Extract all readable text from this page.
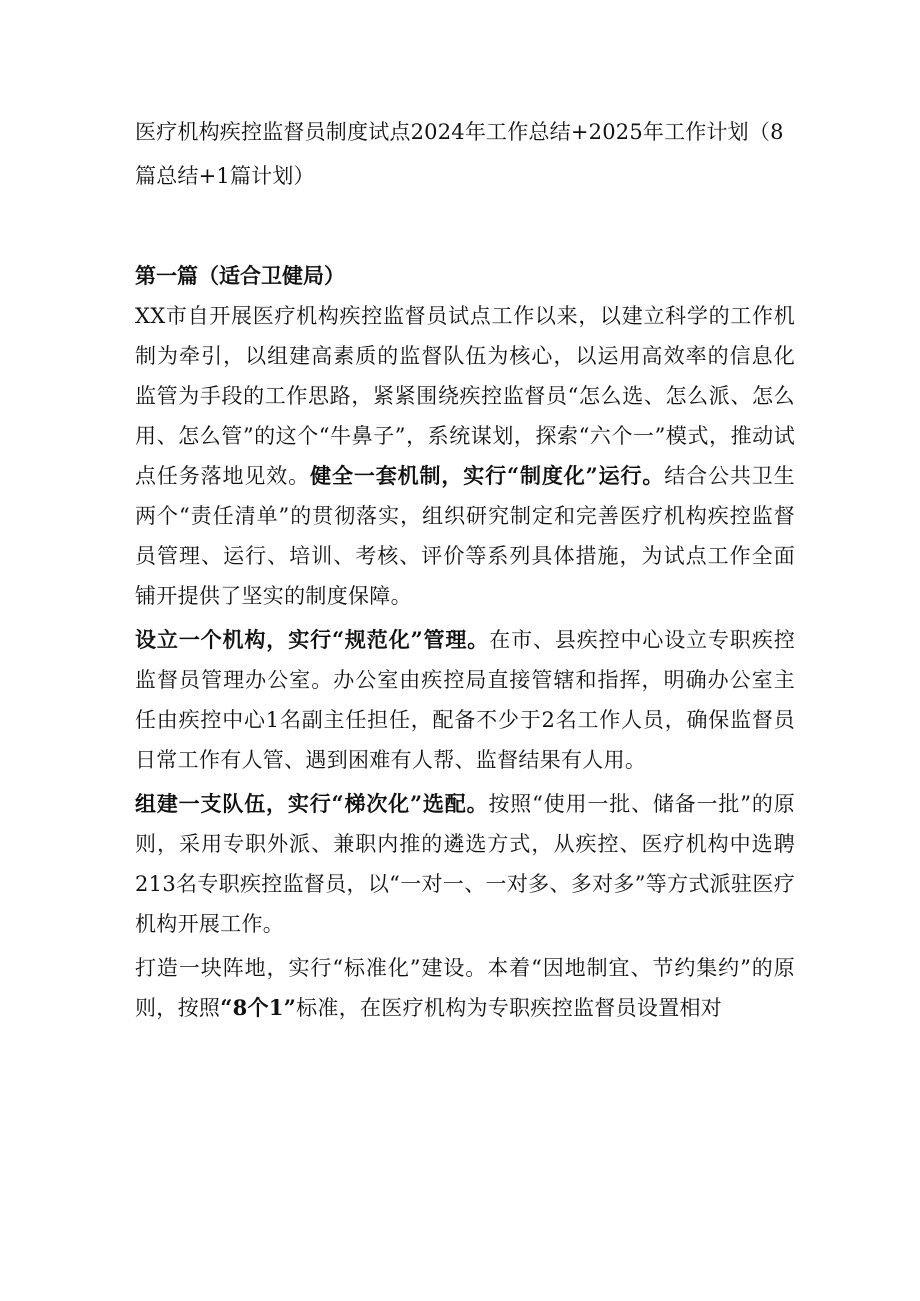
医疗机构疾控监督员制度试点2024年工作总结+2025年工作计划（8篇总结+1篇计划）
第一篇（适合卫健局）

XX市自开展医疗机构疾控监督员试点工作以来，以建立科学的工作机制为牵引，以组建高素质的监督队伍为核心，以运用高效率的信息化监管为手段的工作思路，紧紧围绕疾控监督员“怎么选、怎么派、怎么用、怎么管”的这个“牛鼻子”，系统谋划，探索“六个一”模式，推动试点任务落地见效。健全一套机制，实行“制度化”运行。结合公共卫生两个“责任清单”的贯彻落实，组织研究制定和完善医疗机构疾控监督员管理、运行、培训、考核、评价等系列具体措施，为试点工作全面铺开提供了坚实的制度保障。

设立一个机构，实行“规范化”管理。在市、县疾控中心设立专职疾控监督员管理办公室。办公室由疾控局直接管辖和指挥，明确办公室主任由疾控中心1名副主任担任，配备不少于2名工作人员，确保监督员日常工作有人管、遇到困难有人帮、监督结果有人用。

组建一支队伍，实行“梯次化”选配。按照“使用一批、储备一批”的原则，采用专职外派、兼职内推的遴选方式，从疾控、医疗机构中选聘213名专职疾控监督员，以“一对一、一对多、多对多”等方式派驻医疗机构开展工作。

打造一块阵地，实行“标准化”建设。本着“因地制宜、节约集约”的原则，按照“8个1”标准，在医疗机构为专职疾控监督员设置相对
